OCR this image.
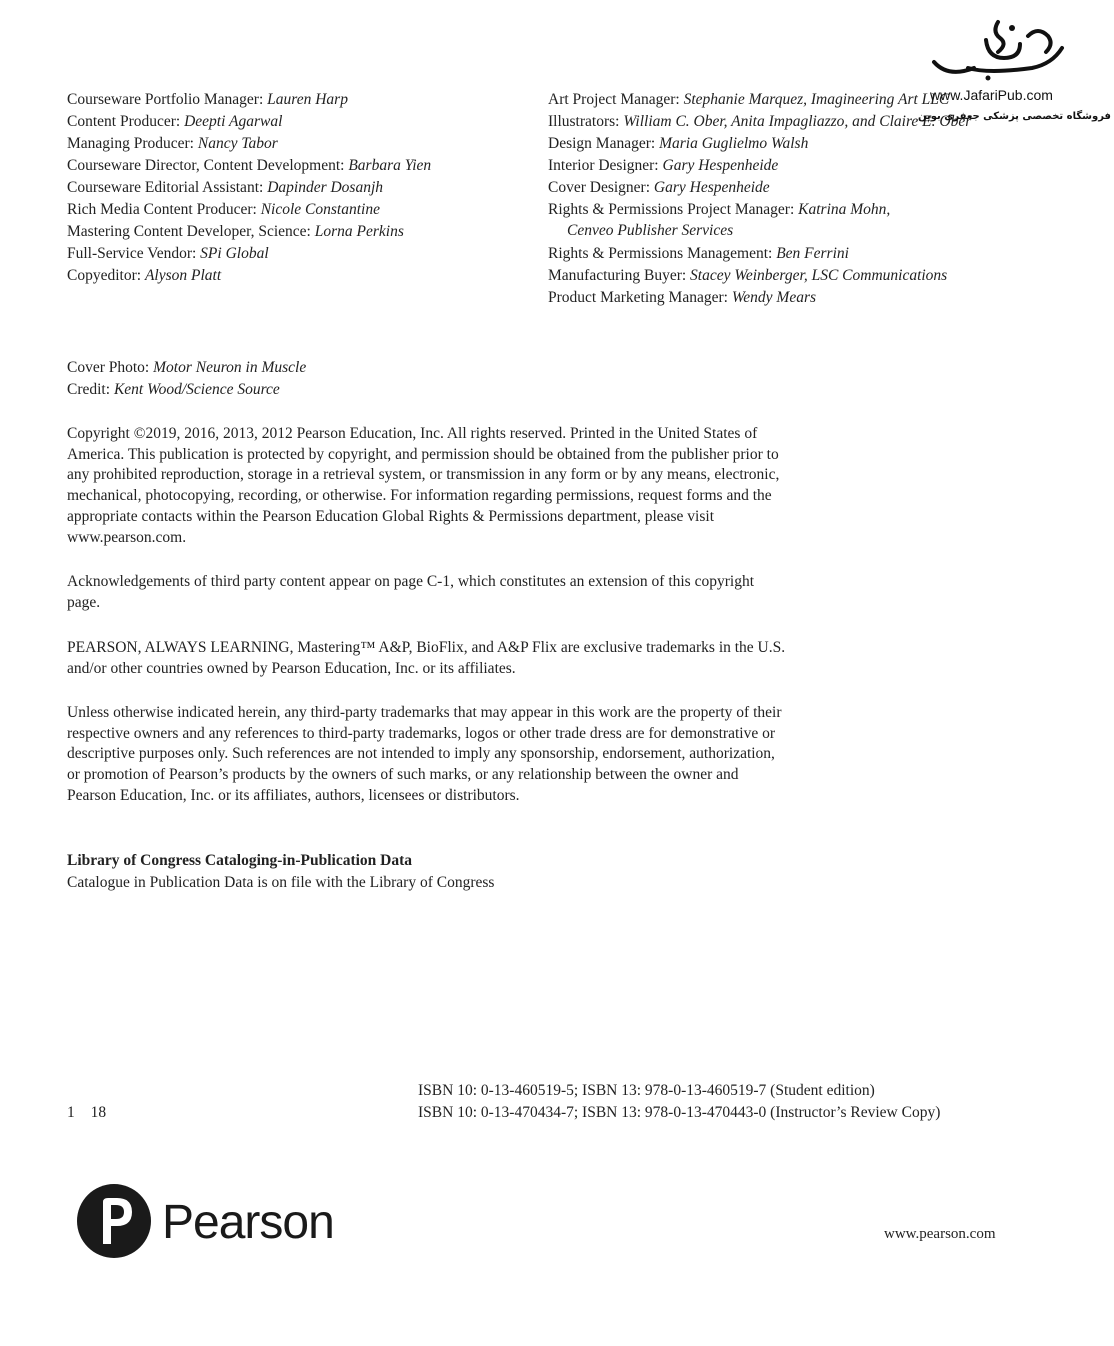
Courseware Portfolio Manager: Lauren Harp
Content Producer: Deepti Agarwal
Managing Producer: Nancy Tabor
Courseware Director, Content Development: Barbara Yien
Courseware Editorial Assistant: Dapinder Dosanjh
Rich Media Content Producer: Nicole Constantine
Mastering Content Developer, Science: Lorna Perkins
Full-Service Vendor: SPi Global
Copyeditor: Alyson Platt
Art Project Manager: Stephanie Marquez, Imagineering Art LLC
Illustrators: William C. Ober, Anita Impagliazzo, and Claire E. Ober
Design Manager: Maria Guglielmo Walsh
Interior Designer: Gary Hespenheide
Cover Designer: Gary Hespenheide
Rights & Permissions Project Manager: Katrina Mohn,
Cenveo Publisher Services
Rights & Permissions Management: Ben Ferrini
Manufacturing Buyer: Stacey Weinberger, LSC Communications
Product Marketing Manager: Wendy Mears
Cover Photo: Motor Neuron in Muscle
Credit: Kent Wood/Science Source
Copyright ©2019, 2016, 2013, 2012 Pearson Education, Inc. All rights reserved. Printed in the United States of America. This publication is protected by copyright, and permission should be obtained from the publisher prior to any prohibited reproduction, storage in a retrieval system, or transmission in any form or by any means, electronic, mechanical, photocopying, recording, or otherwise. For information regarding permissions, request forms and the appropriate contacts within the Pearson Education Global Rights & Permissions department, please visit www.pearson.com.
Acknowledgements of third party content appear on page C-1, which constitutes an extension of this copyright page.
PEARSON, ALWAYS LEARNING, Mastering™ A&P, BioFlix, and A&P Flix are exclusive trademarks in the U.S. and/or other countries owned by Pearson Education, Inc. or its affiliates.
Unless otherwise indicated herein, any third-party trademarks that may appear in this work are the property of their respective owners and any references to third-party trademarks, logos or other trade dress are for demonstrative or descriptive purposes only. Such references are not intended to imply any sponsorship, endorsement, authorization, or promotion of Pearson’s products by the owners of such marks, or any relationship between the owner and Pearson Education, Inc. or its affiliates, authors, licensees or distributors.
Library of Congress Cataloging-in-Publication Data
Catalogue in Publication Data is on file with the Library of Congress
ISBN 10: 0-13-460519-5; ISBN 13: 978-0-13-460519-7 (Student edition)
ISBN 10: 0-13-470434-7; ISBN 13: 978-0-13-470443-0 (Instructor’s Review Copy)
1 18
Pearson	www.pearson.com
www.JafariPub.com
فروشگاه تخصصی پزشکی جعفری بوین
